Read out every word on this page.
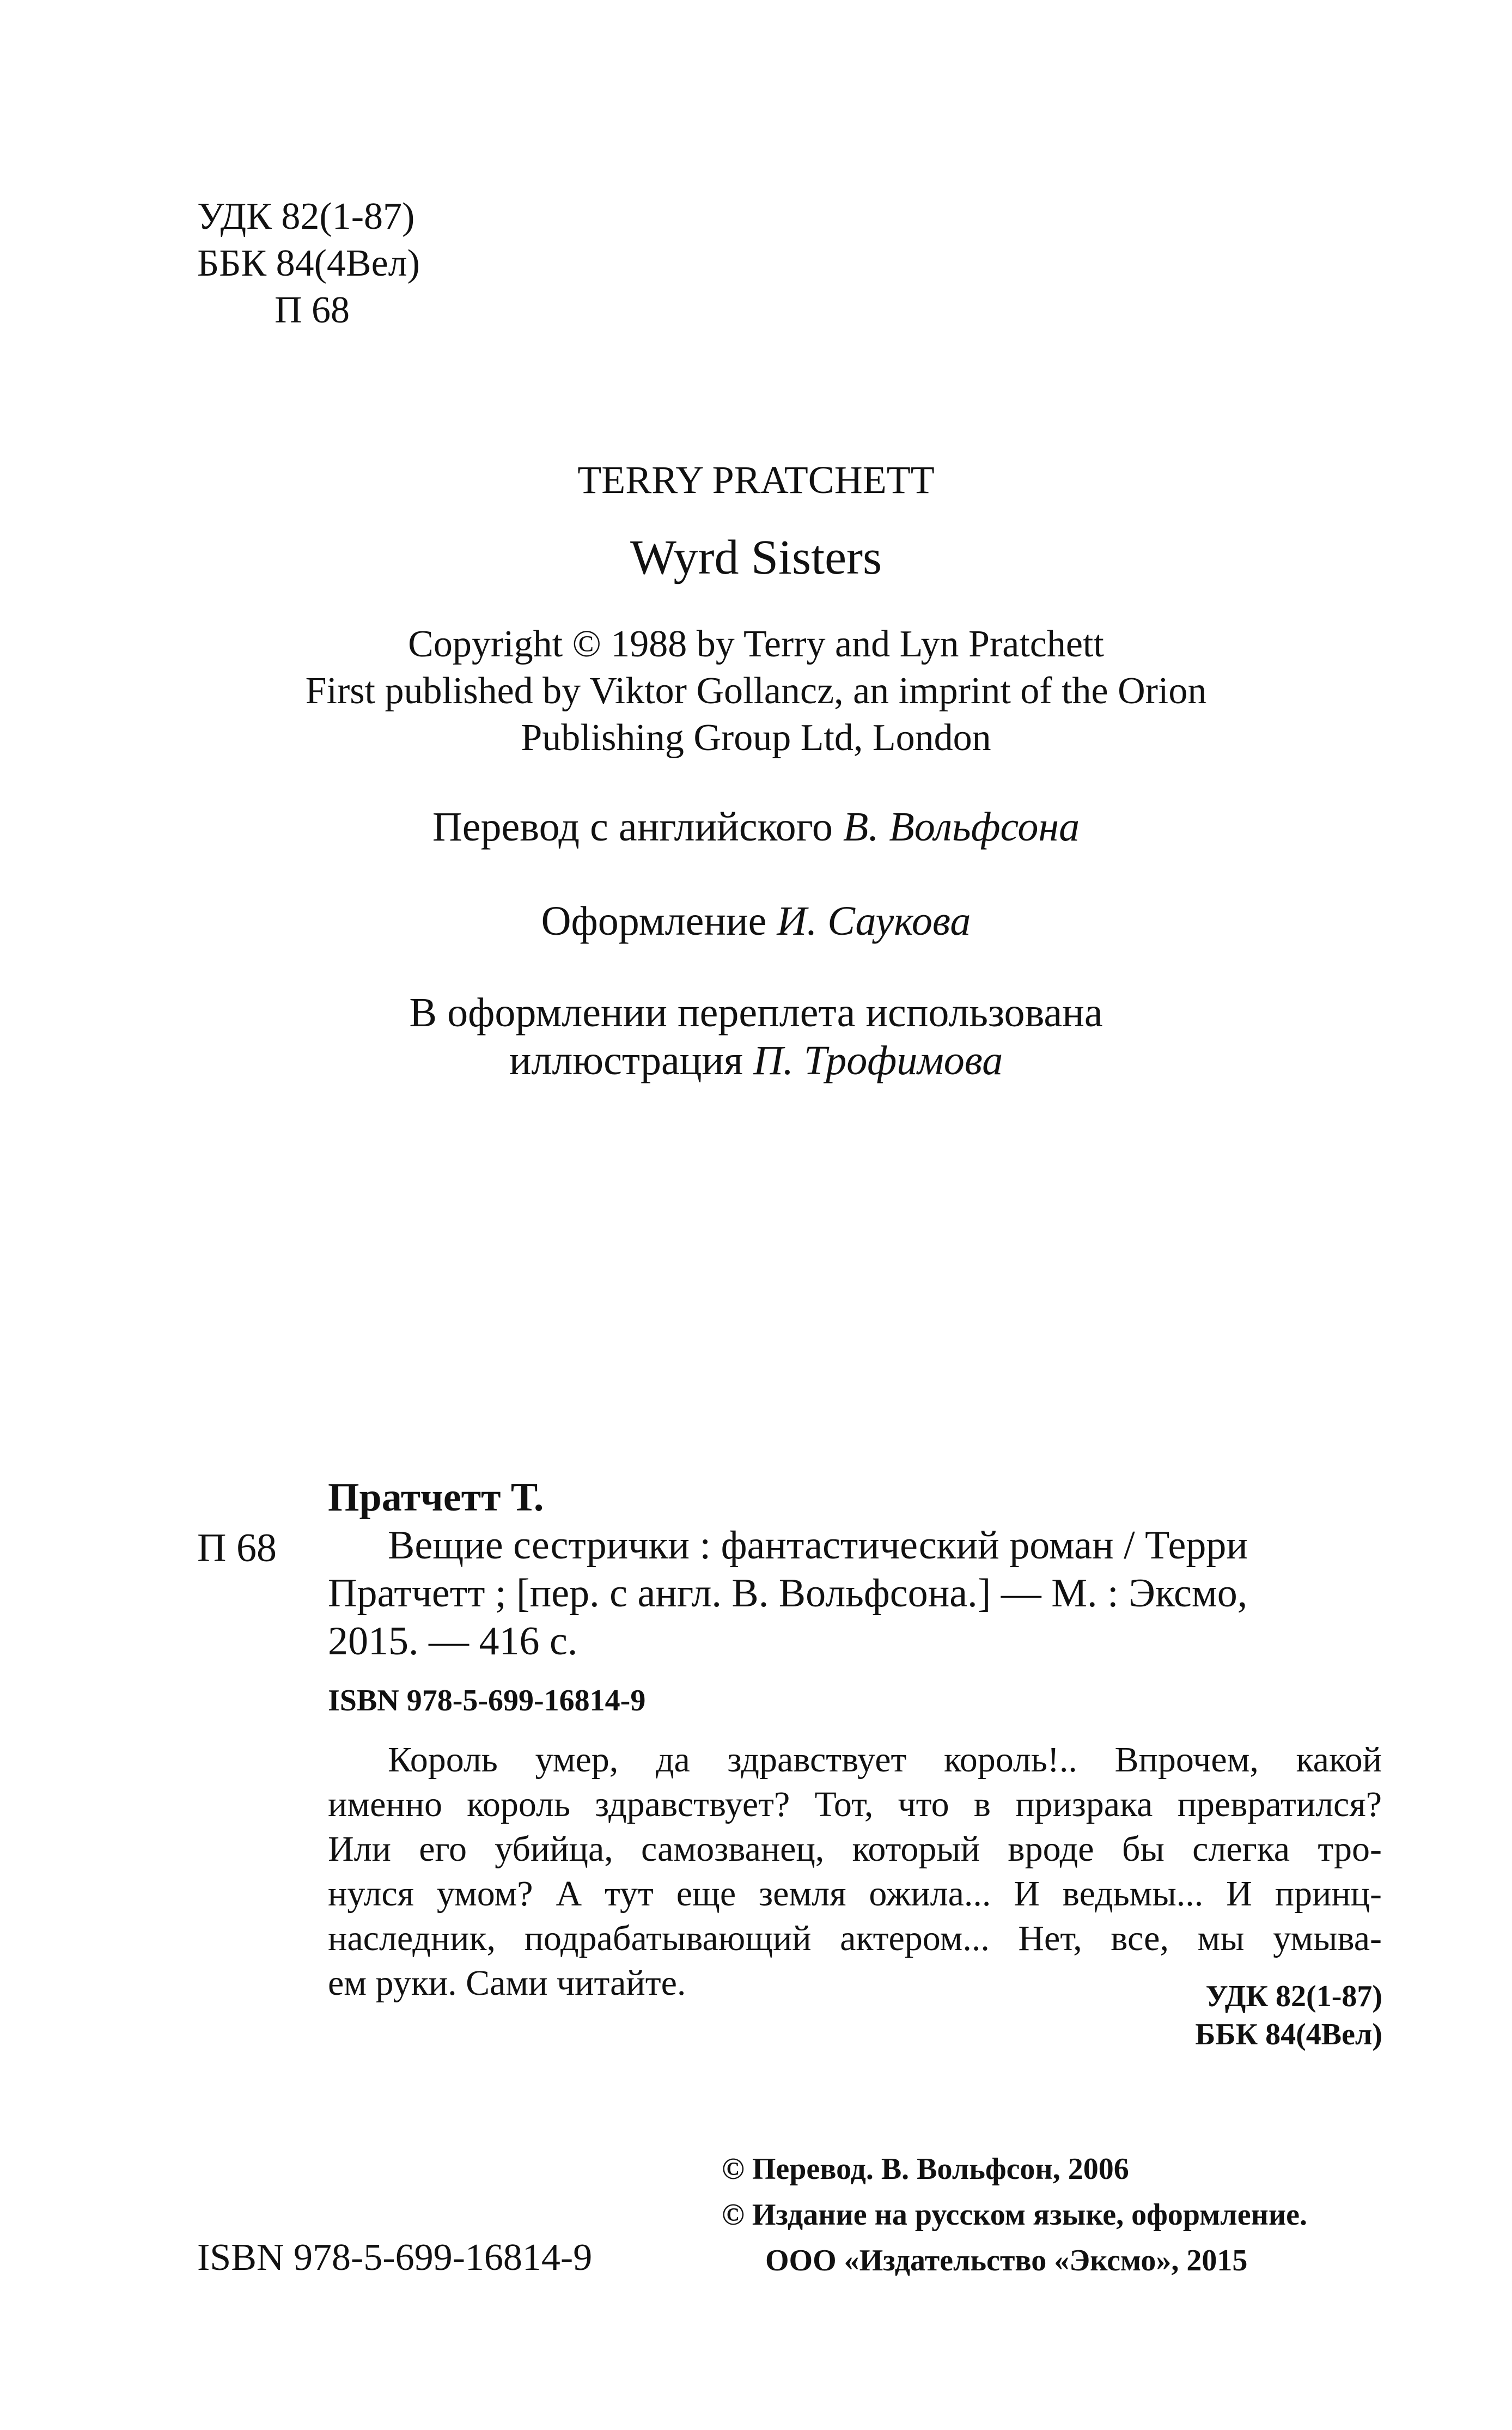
УДК 82(1-87)
ББК 84(4Вел)
П 68
TERRY PRATCHETT
Wyrd Sisters
Copyright © 1988 by Terry and Lyn Pratchett
First published by Viktor Gollancz, an imprint of the Orion
Publishing Group Ltd, London
Перевод с английского В. Вольфсона
Оформление И. Саукова
В оформлении переплета использована
иллюстрация П. Трофимова
П 68
Пратчетт Т.
Вещие сестрички : фантастический роман / Терри
Пратчетт ; [пер. с англ. В. Вольфсона.] — М. : Эксмо,
2015. — 416 с.
ISBN 978-5-699-16814-9
Король умер, да здравствует король!.. Впрочем, какой
именно король здравствует? Тот, что в призрака превратился?
Или его убийца, самозванец, который вроде бы слегка тро-
нулся умом? А тут еще земля ожила... И ведьмы... И принц-
наследник, подрабатывающий актером... Нет, все, мы умыва-
ем руки. Сами читайте.	УДК 82(1-87)
ББК 84(4Вел)
© Перевод. В. Вольфсон, 2006
© Издание на русском языке, оформление.
ООО «Издательство «Эксмо», 2015
ISBN 978-5-699-16814-9
